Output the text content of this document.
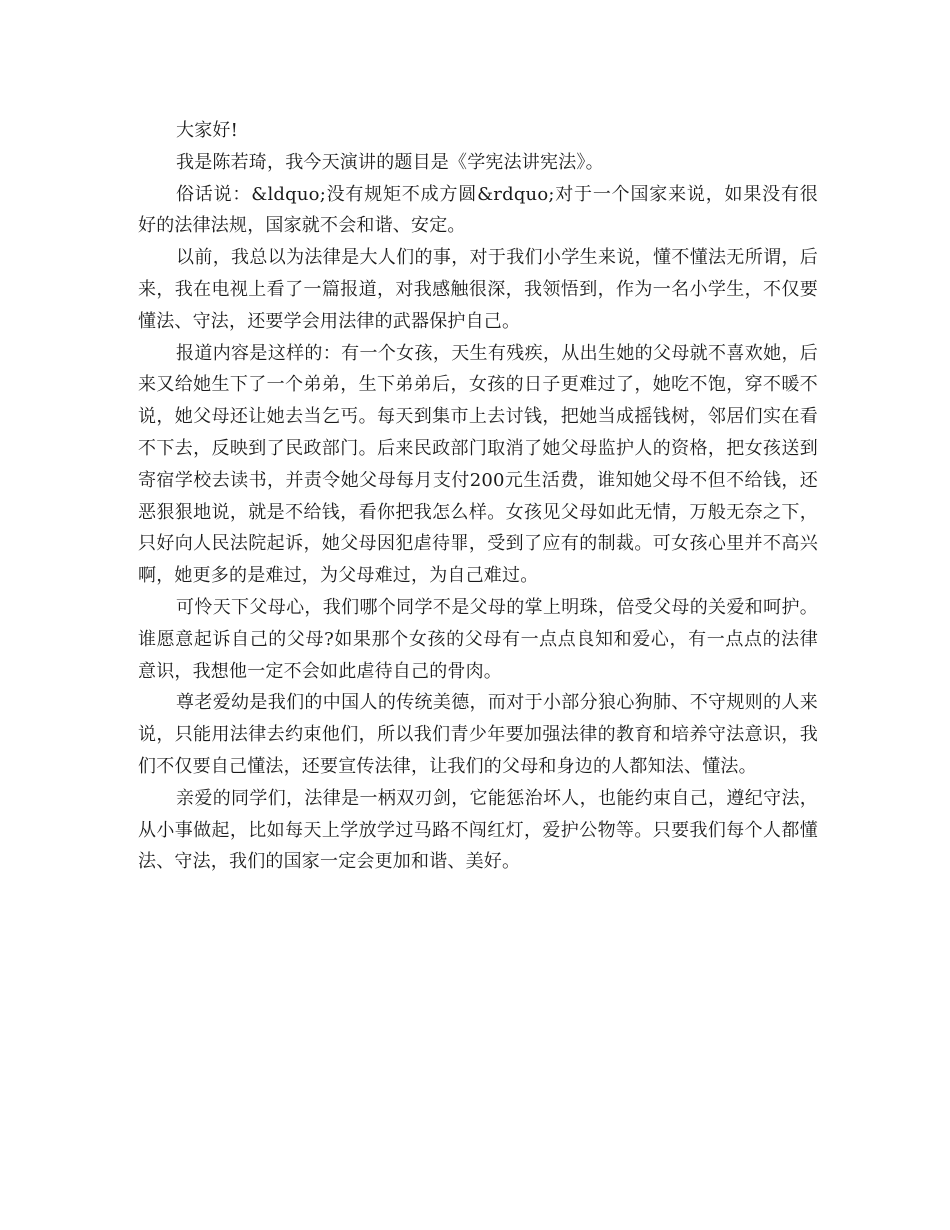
大家好!

我是陈若琦，我今天演讲的题目是《学宪法讲宪法》。

俗话说：&ldquo;没有规矩不成方圆&rdquo;对于一个国家来说，如果没有很好的法律法规，国家就不会和谐、安定。

以前，我总以为法律是大人们的事，对于我们小学生来说，懂不懂法无所谓，后来，我在电视上看了一篇报道，对我感触很深，我领悟到，作为一名小学生，不仅要懂法、守法，还要学会用法律的武器保护自己。

报道内容是这样的：有一个女孩，天生有残疾，从出生她的父母就不喜欢她，后来又给她生下了一个弟弟，生下弟弟后，女孩的日子更难过了，她吃不饱，穿不暖不说，她父母还让她去当乞丐。每天到集市上去讨钱，把她当成摇钱树，邻居们实在看不下去，反映到了民政部门。后来民政部门取消了她父母监护人的资格，把女孩送到寄宿学校去读书，并责令她父母每月支付200元生活费，谁知她父母不但不给钱，还恶狠狠地说，就是不给钱，看你把我怎么样。女孩见父母如此无情，万般无奈之下，只好向人民法院起诉，她父母因犯虐待罪，受到了应有的制裁。可女孩心里并不高兴啊，她更多的是难过，为父母难过，为自己难过。

可怜天下父母心，我们哪个同学不是父母的掌上明珠，倍受父母的关爱和呵护。谁愿意起诉自己的父母?如果那个女孩的父母有一点点良知和爱心，有一点点的法律意识，我想他一定不会如此虐待自己的骨肉。

尊老爱幼是我们的中国人的传统美德，而对于小部分狼心狗肺、不守规则的人来说，只能用法律去约束他们，所以我们青少年要加强法律的教育和培养守法意识，我们不仅要自己懂法，还要宣传法律，让我们的父母和身边的人都知法、懂法。

亲爱的同学们，法律是一柄双刃剑，它能惩治坏人，也能约束自己，遵纪守法，从小事做起，比如每天上学放学过马路不闯红灯，爱护公物等。只要我们每个人都懂法、守法，我们的国家一定会更加和谐、美好。
